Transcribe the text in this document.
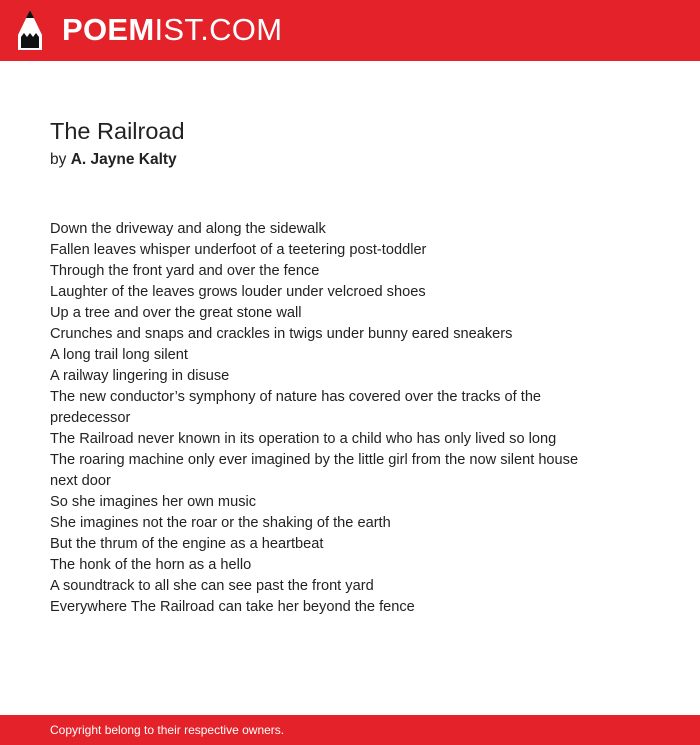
POEMIST.COM
The Railroad

by A. Jayne Kalty

Down the driveway and along the sidewalk
Fallen leaves whisper underfoot of a teetering post-toddler
Through the front yard and over the fence
Laughter of the leaves grows louder under velcroed shoes
Up a tree and over the great stone wall
Crunches and snaps and crackles in twigs under bunny eared sneakers
A long trail long silent
A railway lingering in disuse
The new conductor’s symphony of nature has covered over the tracks of the predecessor
The Railroad never known in its operation to a child who has only lived so long
The roaring machine only ever imagined by the little girl from the now silent house next door
So she imagines her own music
She imagines not the roar or the shaking of the earth
But the thrum of the engine as a heartbeat
The honk of the horn as a hello
A soundtrack to all she can see past the front yard
Everywhere The Railroad can take her beyond the fence
Copyright belong to their respective owners.
